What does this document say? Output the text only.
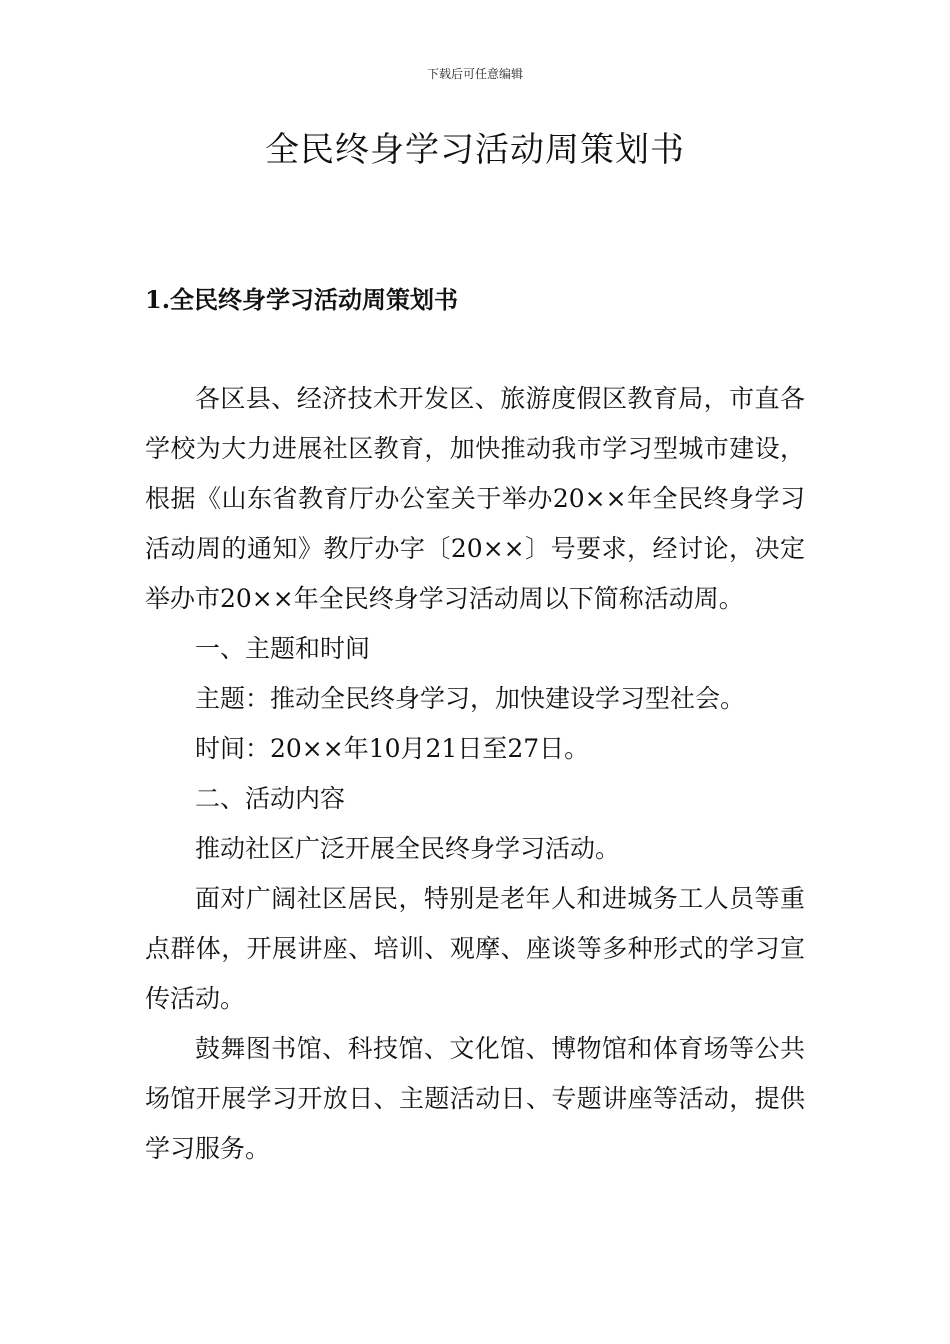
下载后可任意编辑
全民终身学习活动周策划书
1.全民终身学习活动周策划书

各区县、经济技术开发区、旅游度假区教育局，市直各学校为大力进展社区教育，加快推动我市学习型城市建设，根据《山东省教育厅办公室关于举办20××年全民终身学习活动周的通知》教厅办字〔20××〕号要求，经讨论，决定举办市20××年全民终身学习活动周以下简称活动周。

一、主题和时间

主题：推动全民终身学习，加快建设学习型社会。

时间：20××年10月21日至27日。

二、活动内容

推动社区广泛开展全民终身学习活动。

面对广阔社区居民，特别是老年人和进城务工人员等重点群体，开展讲座、培训、观摩、座谈等多种形式的学习宣传活动。

鼓舞图书馆、科技馆、文化馆、博物馆和体育场等公共场馆开展学习开放日、主题活动日、专题讲座等活动，提供学习服务。
